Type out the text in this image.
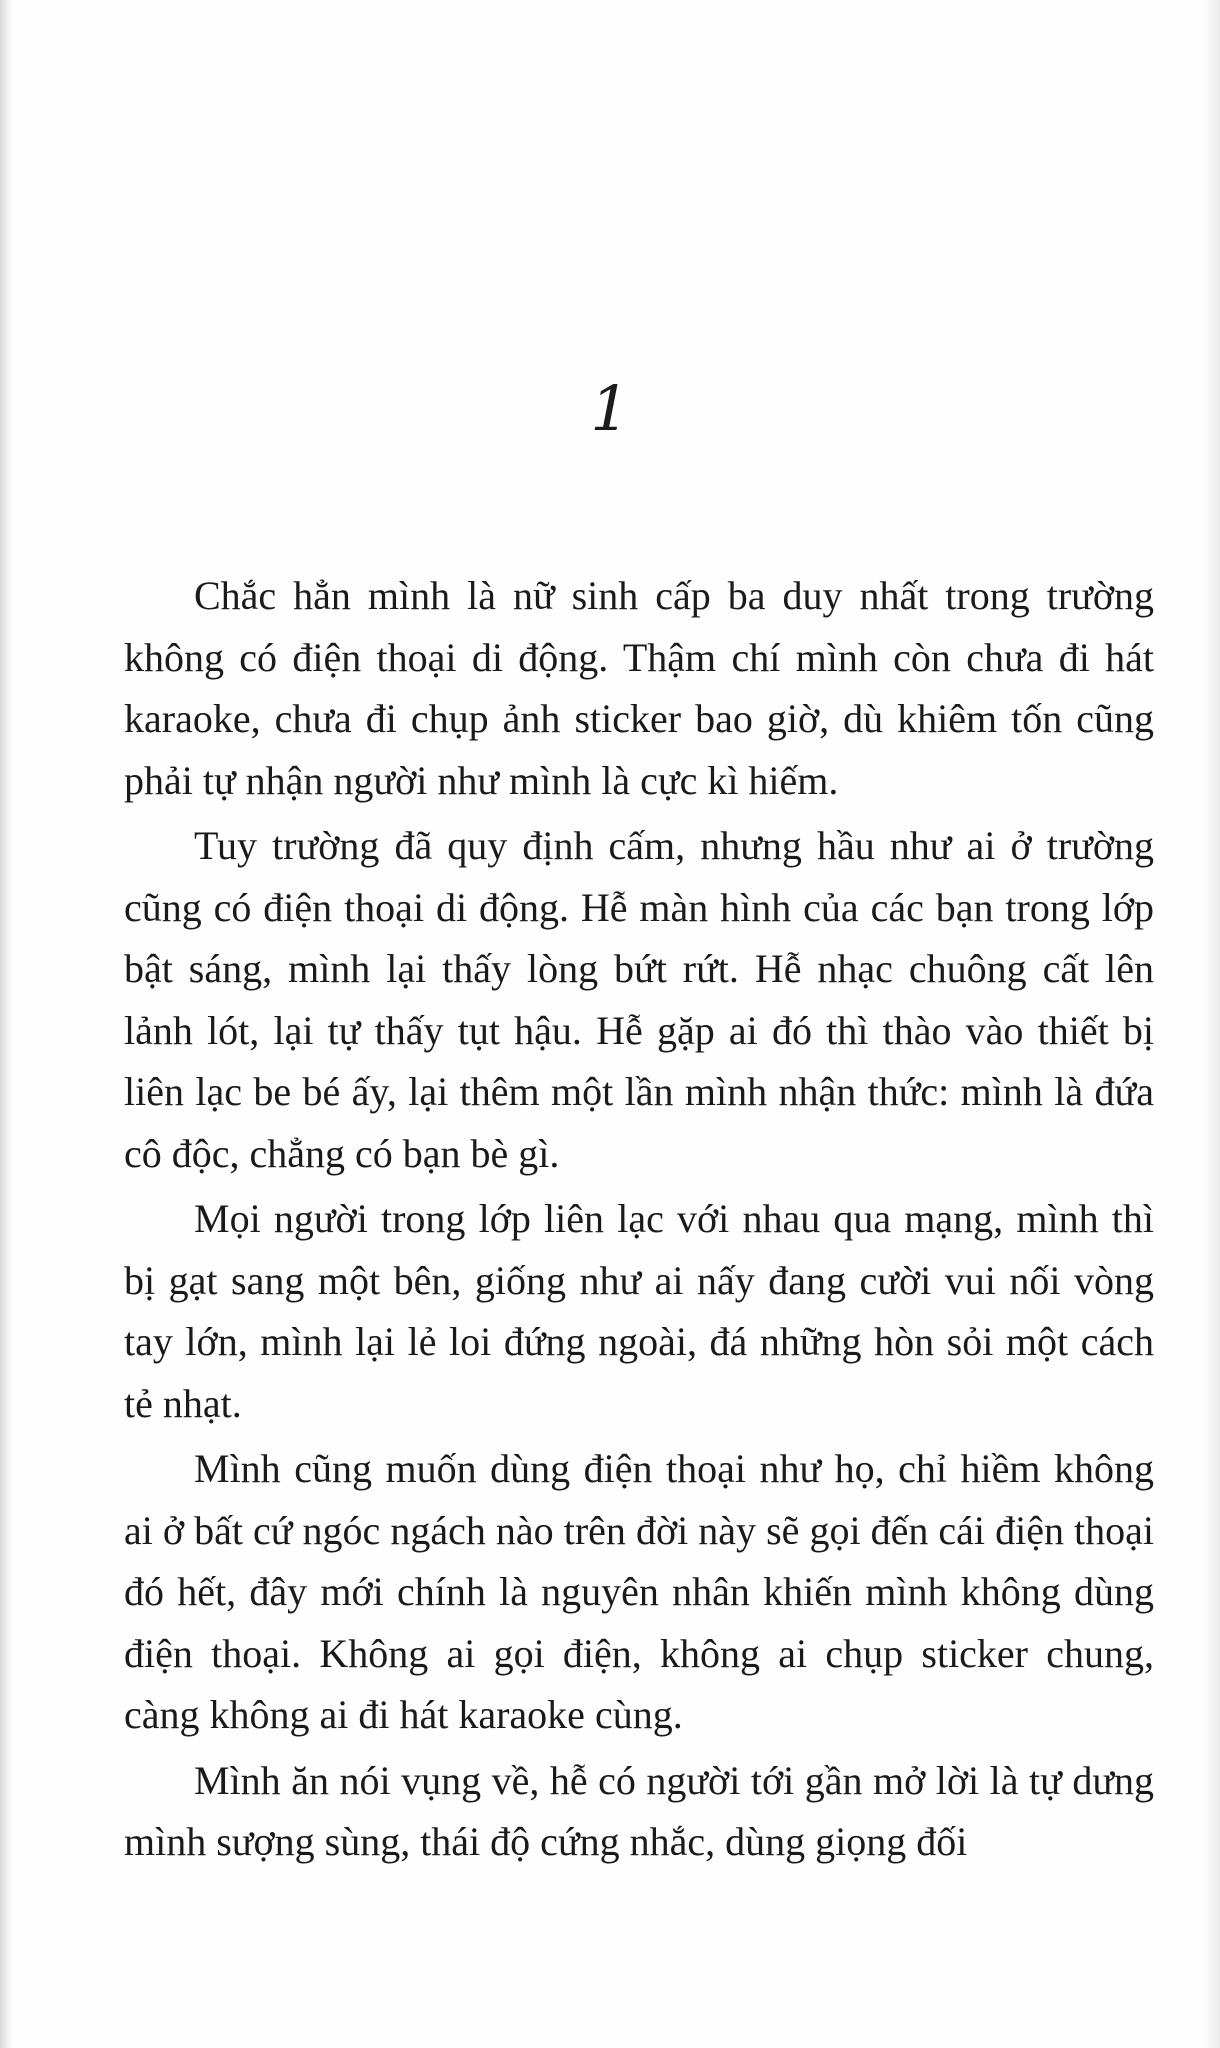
1

Chắc hẳn mình là nữ sinh cấp ba duy nhất trong trường không có điện thoại di động. Thậm chí mình còn chưa đi hát karaoke, chưa đi chụp ảnh sticker bao giờ, dù khiêm tốn cũng phải tự nhận người như mình là cực kì hiếm.

Tuy trường đã quy định cấm, nhưng hầu như ai ở trường cũng có điện thoại di động. Hễ màn hình của các bạn trong lớp bật sáng, mình lại thấy lòng bứt rứt. Hễ nhạc chuông cất lên lảnh lót, lại tự thấy tụt hậu. Hễ gặp ai đó thì thào vào thiết bị liên lạc be bé ấy, lại thêm một lần mình nhận thức: mình là đứa cô độc, chẳng có bạn bè gì.

Mọi người trong lớp liên lạc với nhau qua mạng, mình thì bị gạt sang một bên, giống như ai nấy đang cười vui nối vòng tay lớn, mình lại lẻ loi đứng ngoài, đá những hòn sỏi một cách tẻ nhạt.

Mình cũng muốn dùng điện thoại như họ, chỉ hiềm không ai ở bất cứ ngóc ngách nào trên đời này sẽ gọi đến cái điện thoại đó hết, đây mới chính là nguyên nhân khiến mình không dùng điện thoại. Không ai gọi điện, không ai chụp sticker chung, càng không ai đi hát karaoke cùng.

Mình ăn nói vụng về, hễ có người tới gần mở lời là tự dưng mình sượng sùng, thái độ cứng nhắc, dùng giọng đối
